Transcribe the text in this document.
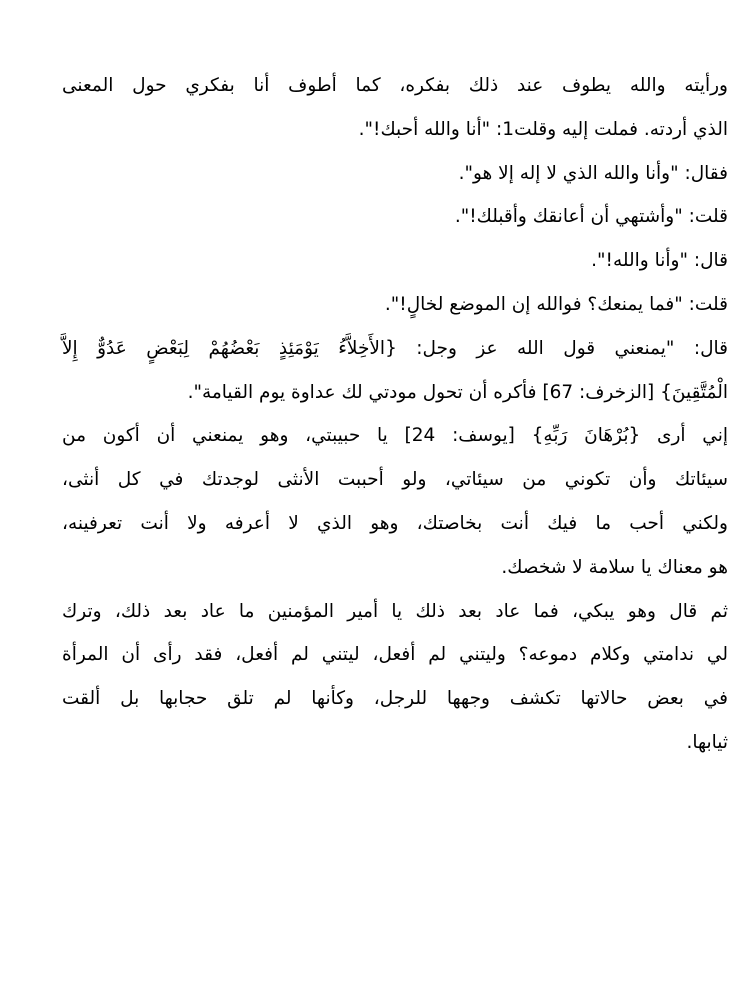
ورأيته والله يطوف عند ذلك بفكره، كما أطوف أنا بفكري حول المعنى
الذي أردته. فملت إليه وقلت1: "أنا والله أحبك!".
فقال: "وأنا والله الذي لا إله إلا هو".
قلت: "وأشتهي أن أعانقك وأقبلك!".
قال: "وأنا والله!".
قلت: "فما يمنعك؟ فوالله إن الموضع لخالٍ!".
قال: "يمنعني قول الله عز وجل: {الأَخِلاَّءُ يَوْمَئِذٍ بَعْضُهُمْ لِبَعْضٍ عَدُوٌّ إِلاَّ
الْمُتَّقِينَ} [الزخرف: 67] فأكره أن تحول مودتي لك عداوة يوم القيامة".
إني أرى {بُرْهَانَ رَبِّهِ} [يوسف: 24] يا حبيبتي، وهو يمنعني أن أكون من
سيئاتك وأن تكوني من سيئاتي، ولو أحببت الأنثى لوجدتك في كل أنثى،
ولكني أحب ما فيك أنت بخاصتك، وهو الذي لا أعرفه ولا أنت تعرفينه،
هو معناك يا سلامة لا شخصك.
ثم قال وهو يبكي، فما عاد بعد ذلك يا أمير المؤمنين ما عاد بعد ذلك، وترك
لي ندامتي وكلام دموعه؟ وليتني لم أفعل، ليتني لم أفعل، فقد رأى أن المرأة
في بعض حالاتها تكشف وجهها للرجل، وكأنها لم تلق حجابها بل ألقت
ثيابها.
